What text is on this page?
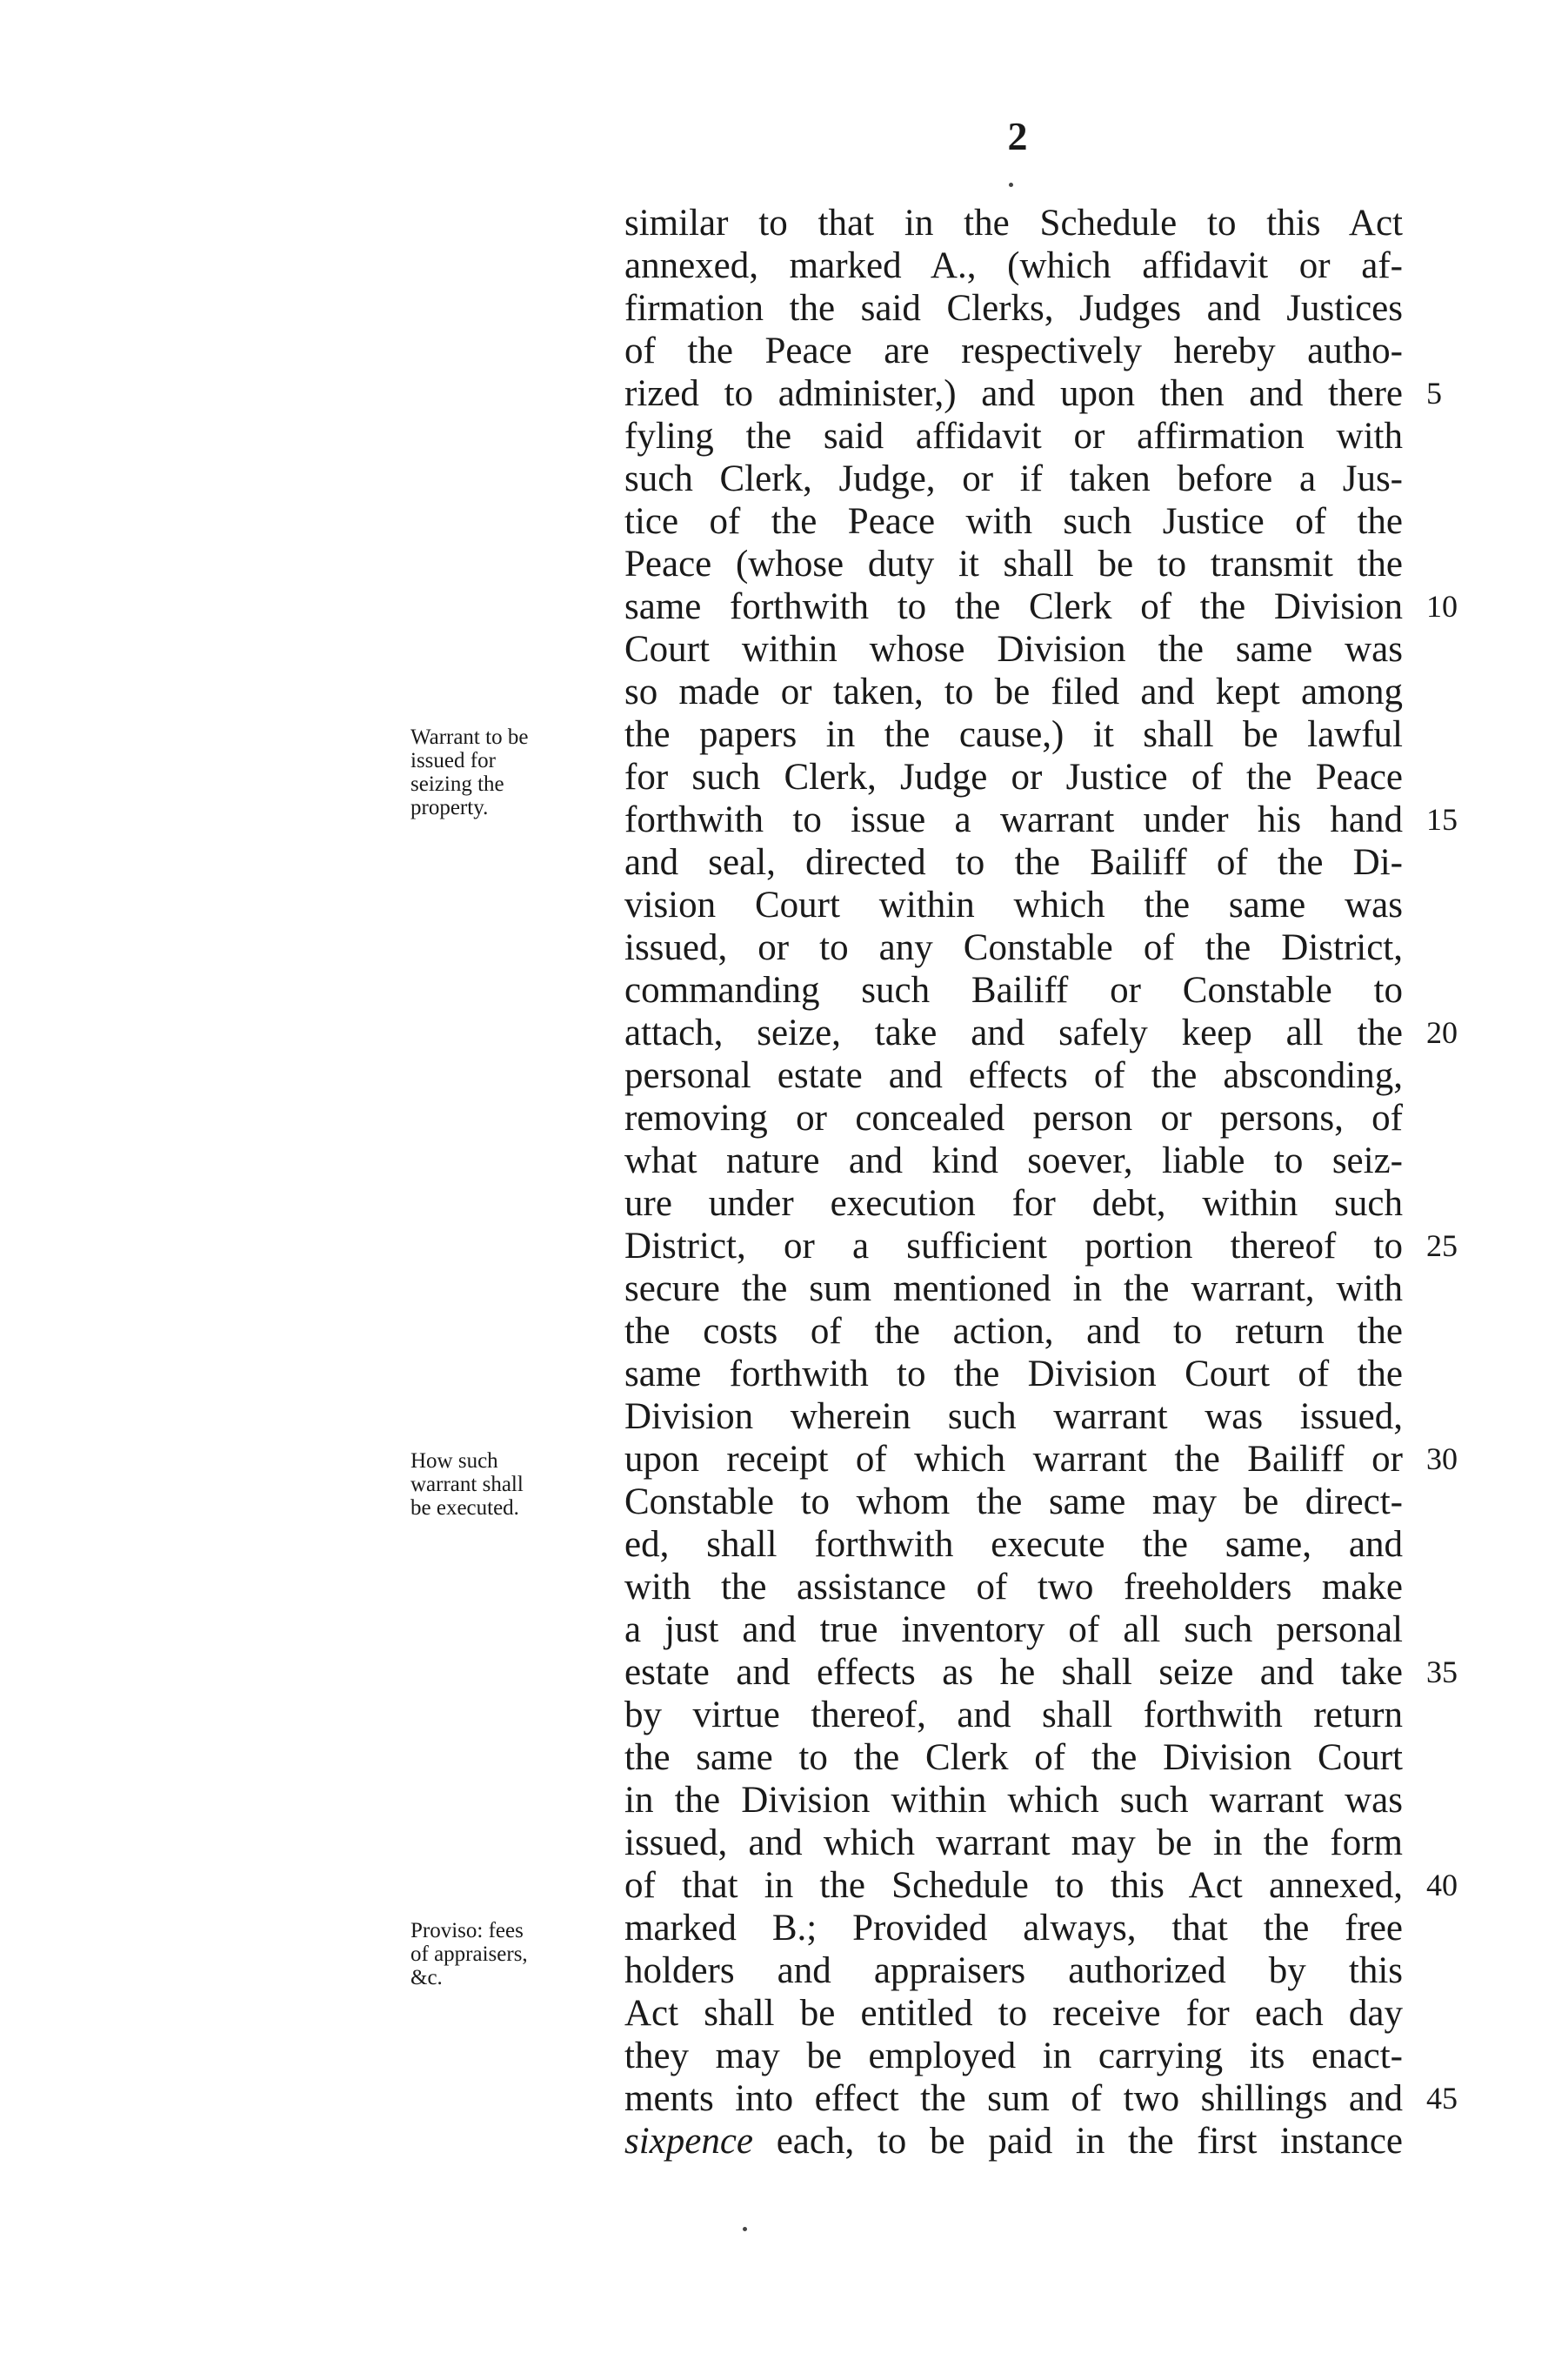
2
similar to that in the Schedule to this Act
annexed, marked A., (which affidavit or af-
firmation the said Clerks, Judges and Justices
of the Peace are respectively hereby autho-
rized to administer,) and upon then and there
fyling the said affidavit or affirmation with
such Clerk, Judge, or if taken before a Jus-
tice of the Peace with such Justice of the
Peace (whose duty it shall be to transmit the
same forthwith to the Clerk of the Division
Court within whose Division the same was
so made or taken, to be filed and kept among
the papers in the cause,) it shall be lawful
for such Clerk, Judge or Justice of the Peace
forthwith to issue a warrant under his hand
and seal, directed to the Bailiff of the Di-
vision Court within which the same was
issued, or to any Constable of the District,
commanding such Bailiff or Constable to
attach, seize, take and safely keep all the
personal estate and effects of the absconding,
removing or concealed person or persons, of
what nature and kind soever, liable to seiz-
ure under execution for debt, within such
District, or a sufficient portion thereof to
secure the sum mentioned in the warrant, with
the costs of the action, and to return the
same forthwith to the Division Court of the
Division wherein such warrant was issued,
upon receipt of which warrant the Bailiff or
Constable to whom the same may be direct-
ed, shall forthwith execute the same, and
with the assistance of two freeholders make
a just and true inventory of all such personal
estate and effects as he shall seize and take
by virtue thereof, and shall forthwith return
the same to the Clerk of the Division Court
in the Division within which such warrant was
issued, and which warrant may be in the form
of that in the Schedule to this Act annexed,
marked B.; Provided always, that the free
holders and appraisers authorized by this
Act shall be entitled to receive for each day
they may be employed in carrying its enact-
ments into effect the sum of two shillings and
sixpence each, to be paid in the first instance
5
10
15
20
25
30
35
40
45
Warrant to be
issued for
seizing the
property.
How such
warrant shall
be executed.
Proviso: fees
of appraisers,
&c.
